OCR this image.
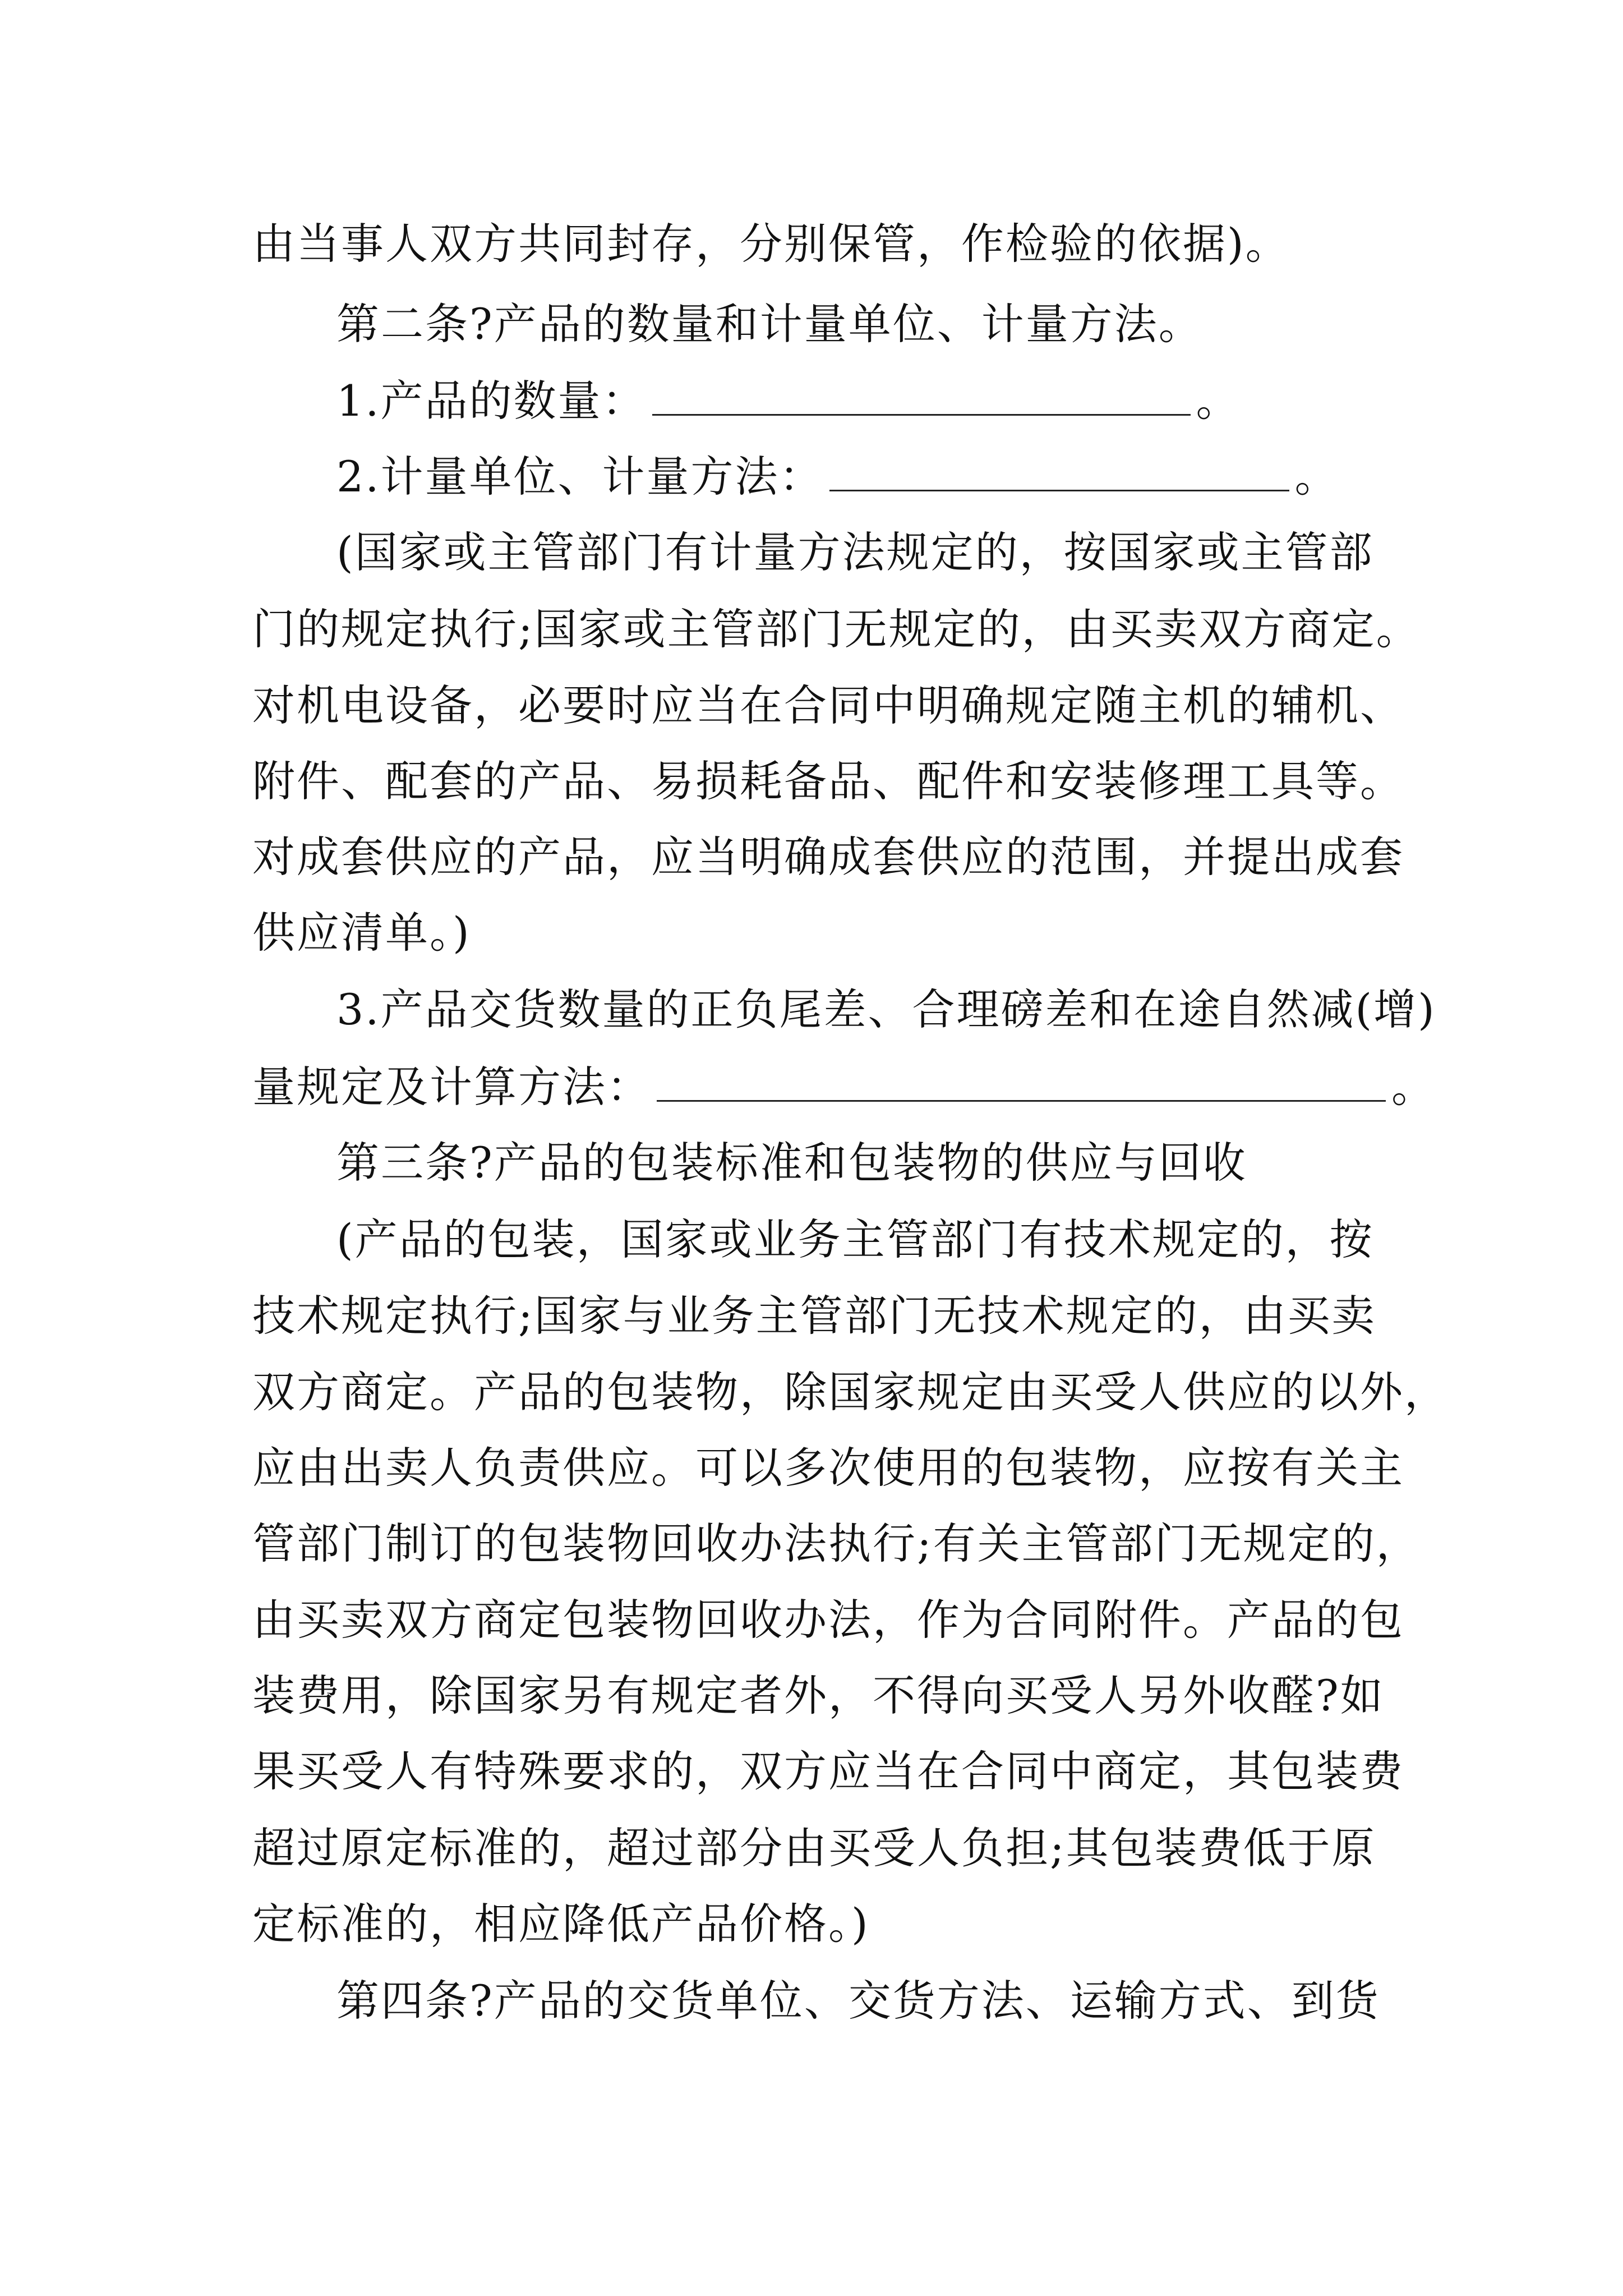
由当事人双方共同封存，分别保管，作检验的依据)。
第二条?产品的数量和计量单位、计量方法。
1.产品的数量：	。
2.计量单位、计量方法：	。
(国家或主管部门有计量方法规定的，按国家或主管部
门的规定执行;国家或主管部门无规定的，由买卖双方商定。
对机电设备，必要时应当在合同中明确规定随主机的辅机、
附件、配套的产品、易损耗备品、配件和安装修理工具等。
对成套供应的产品，应当明确成套供应的范围，并提出成套
供应清单。)
3.产品交货数量的正负尾差、合理磅差和在途自然减(增)
量规定及计算方法：	。
第三条?产品的包装标准和包装物的供应与回收
(产品的包装，国家或业务主管部门有技术规定的，按
技术规定执行;国家与业务主管部门无技术规定的，由买卖
双方商定。产品的包装物，除国家规定由买受人供应的以外，
应由出卖人负责供应。可以多次使用的包装物，应按有关主
管部门制订的包装物回收办法执行;有关主管部门无规定的，
由买卖双方商定包装物回收办法，作为合同附件。产品的包
装费用，除国家另有规定者外，不得向买受人另外收醛?如
果买受人有特殊要求的，双方应当在合同中商定，其包装费
超过原定标准的，超过部分由买受人负担;其包装费低于原
定标准的，相应降低产品价格。)
第四条?产品的交货单位、交货方法、运输方式、到货
